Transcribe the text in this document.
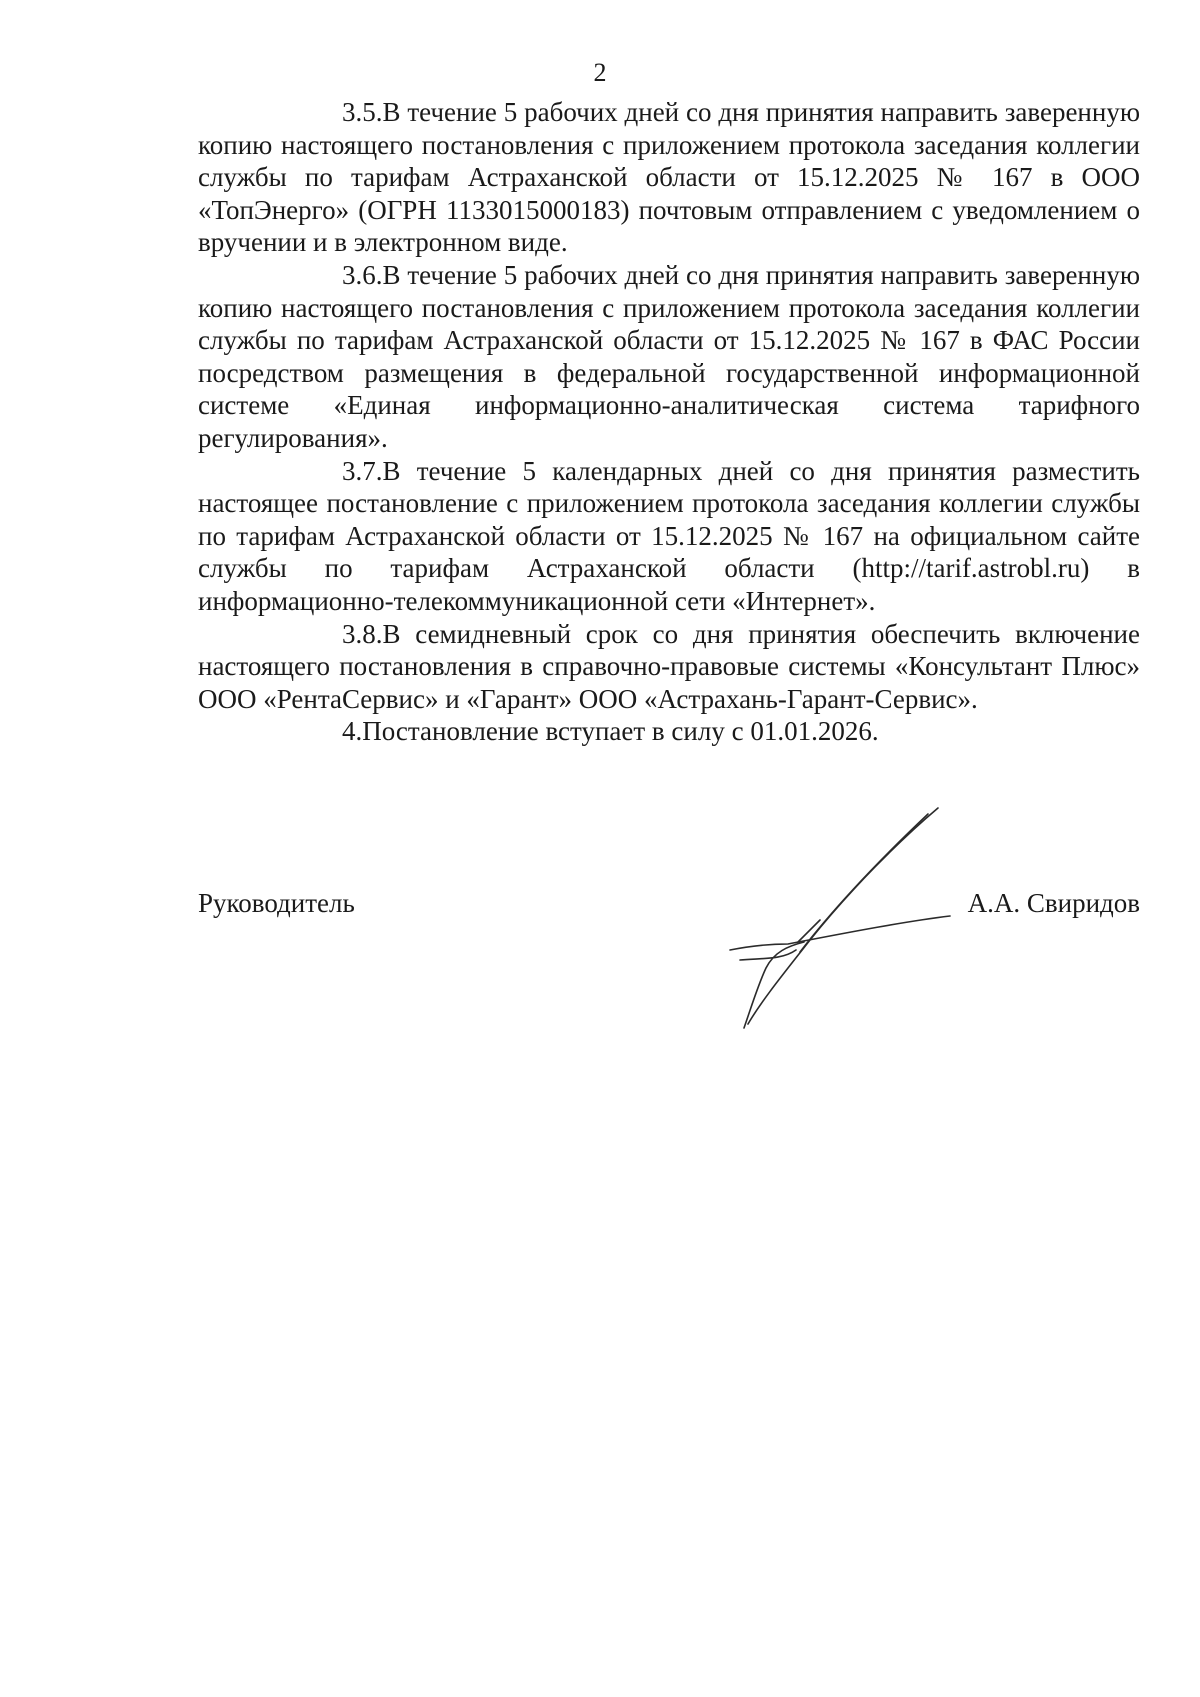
2

3.5.В течение 5 рабочих дней со дня принятия направить заверенную копию настоящего постановления с приложением протокола заседания коллегии службы по тарифам Астраханской области от 15.12.2025 № 167 в ООО «ТопЭнерго» (ОГРН 1133015000183) почтовым отправлением с уведомлением о вручении и в электронном виде.

3.6.В течение 5 рабочих дней со дня принятия направить заверенную копию настоящего постановления с приложением протокола заседания коллегии службы по тарифам Астраханской области от 15.12.2025 № 167 в ФАС России посредством размещения в федеральной государственной информационной системе «Единая информационно-аналитическая система тарифного регулирования».

3.7.В течение 5 календарных дней со дня принятия разместить настоящее постановление с приложением протокола заседания коллегии службы по тарифам Астраханской области от 15.12.2025 № 167 на официальном сайте службы по тарифам Астраханской области (http://tarif.astrobl.ru) в информационно-телекоммуникационной сети «Интернет».

3.8.В семидневный срок со дня принятия обеспечить включение настоящего постановления в справочно-правовые системы «Консультант Плюс» ООО «РентаСервис» и «Гарант» ООО «Астрахань-Гарант-Сервис».

4.Постановление вступает в силу с 01.01.2026.

Руководитель	А.А. Свиридов
